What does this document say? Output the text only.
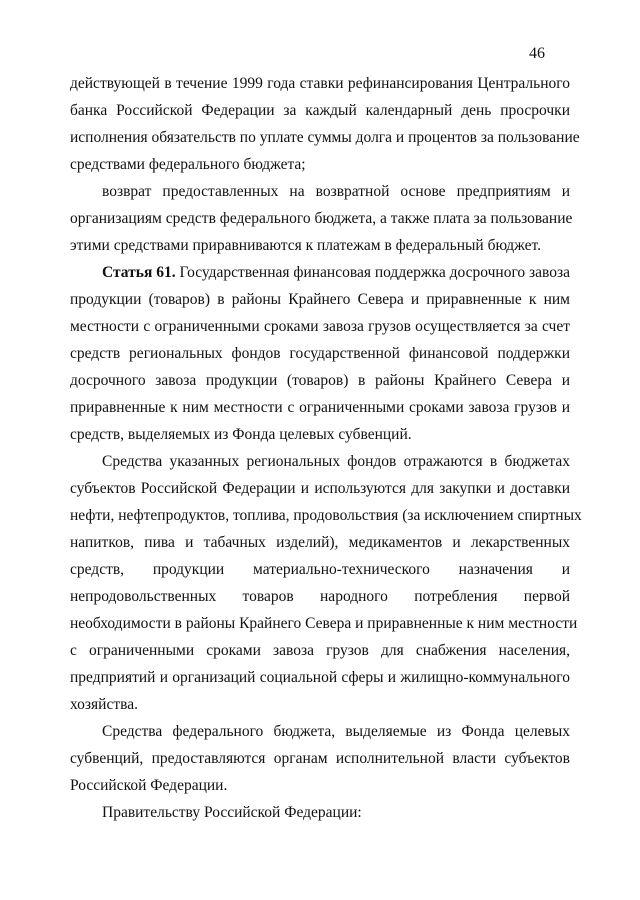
46
действующей в течение 1999 года ставки рефинансирования Центрального
банка Российской Федерации за каждый календарный день просрочки
исполнения обязательств по уплате суммы долга и процентов за пользование
средствами федерального бюджета;
возврат предоставленных на возвратной основе предприятиям и
организациям средств федерального бюджета, а также плата за пользование
этими средствами приравниваются к платежам в федеральный бюджет.
Статья 61. Государственная финансовая поддержка досрочного завоза
продукции (товаров) в районы Крайнего Севера и приравненные к ним
местности с ограниченными сроками завоза грузов осуществляется за счет
средств региональных фондов государственной финансовой поддержки
досрочного завоза продукции (товаров) в районы Крайнего Севера и
приравненные к ним местности с ограниченными сроками завоза грузов и
средств, выделяемых из Фонда целевых субвенций.
Средства указанных региональных фондов отражаются в бюджетах
субъектов Российской Федерации и используются для закупки и доставки
нефти, нефтепродуктов, топлива, продовольствия (за исключением спиртных
напитков, пива и табачных изделий), медикаментов и лекарственных
средств, продукции материально-технического назначения и
непродовольственных товаров народного потребления первой
необходимости в районы Крайнего Севера и приравненные к ним местности
с ограниченными сроками завоза грузов для снабжения населения,
предприятий и организаций социальной сферы и жилищно-коммунального
хозяйства.
Средства федерального бюджета, выделяемые из Фонда целевых
субвенций, предоставляются органам исполнительной власти субъектов
Российской Федерации.
Правительству Российской Федерации:
